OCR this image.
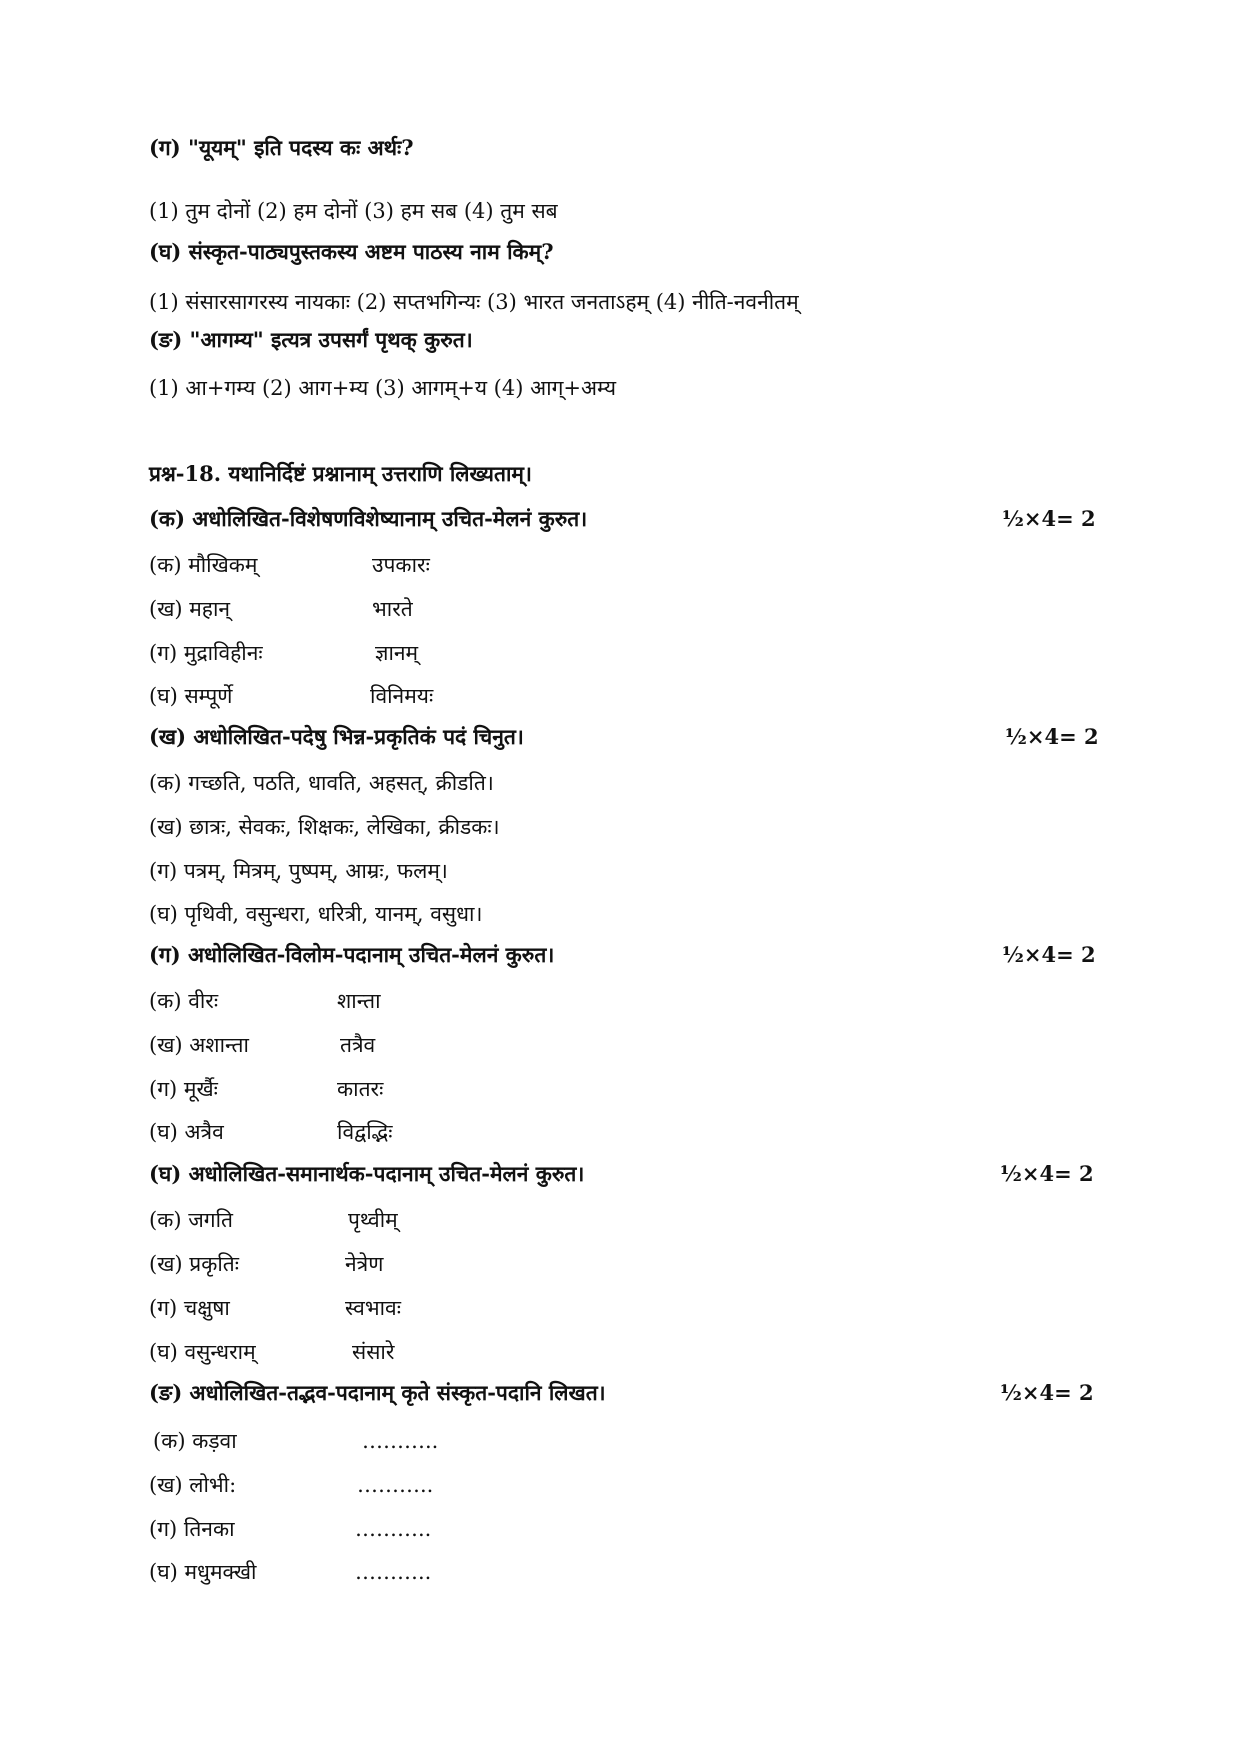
(ग) "यूयम्" इति पदस्य कः अर्थः?
(1) तुम दोनों (2) हम दोनों (3) हम सब (4) तुम सब
(घ) संस्कृत-पाठ्यपुस्तकस्य अष्टम पाठस्य नाम किम्?
(1) संसारसागरस्य नायकाः (2) सप्तभगिन्यः (3) भारत जनताऽहम् (4) नीति-नवनीतम्
(ङ) "आगम्य" इत्यत्र उपसर्गं पृथक् कुरुत।
(1) आ+गम्य (2) आग+म्य (3) आगम्+य (4) आग्+अम्य
प्रश्न-18. यथानिर्दिष्टं प्रश्नानाम् उत्तराणि लिख्यताम्।
(क) अधोलिखित-विशेषणविशेष्यानाम् उचित-मेलनं कुरुत।	½×4= 2
(क) मौखिकम्	उपकारः
(ख) महान्	भारते
(ग) मुद्राविहीनः	ज्ञानम्
(घ) सम्पूर्णे	विनिमयः
(ख) अधोलिखित-पदेषु भिन्न-प्रकृतिकं पदं चिनुत।	½×4= 2
(क) गच्छति, पठति, धावति, अहसत्, क्रीडति।
(ख) छात्रः, सेवकः, शिक्षकः, लेखिका, क्रीडकः।
(ग) पत्रम्, मित्रम्, पुष्पम्, आम्रः, फलम्।
(घ) पृथिवी, वसुन्धरा, धरित्री, यानम्, वसुधा।
(ग) अधोलिखित-विलोम-पदानाम् उचित-मेलनं कुरुत।	½×4= 2
(क) वीरः	शान्ता
(ख) अशान्ता	तत्रैव
(ग) मूर्खैः	कातरः
(घ) अत्रैव	विद्वद्भिः
(घ) अधोलिखित-समानार्थक-पदानाम् उचित-मेलनं कुरुत।	½×4= 2
(क) जगति	पृथ्वीम्
(ख) प्रकृतिः	नेत्रेण
(ग) चक्षुषा	स्वभावः
(घ) वसुन्धराम्	संसारे
(ङ) अधोलिखित-तद्भव-पदानाम् कृते संस्कृत-पदानि लिखत।	½×4= 2
(क) कड़वा	………..
(ख) लोभी:	………..
(ग) तिनका	………..
(घ) मधुमक्खी	………..
